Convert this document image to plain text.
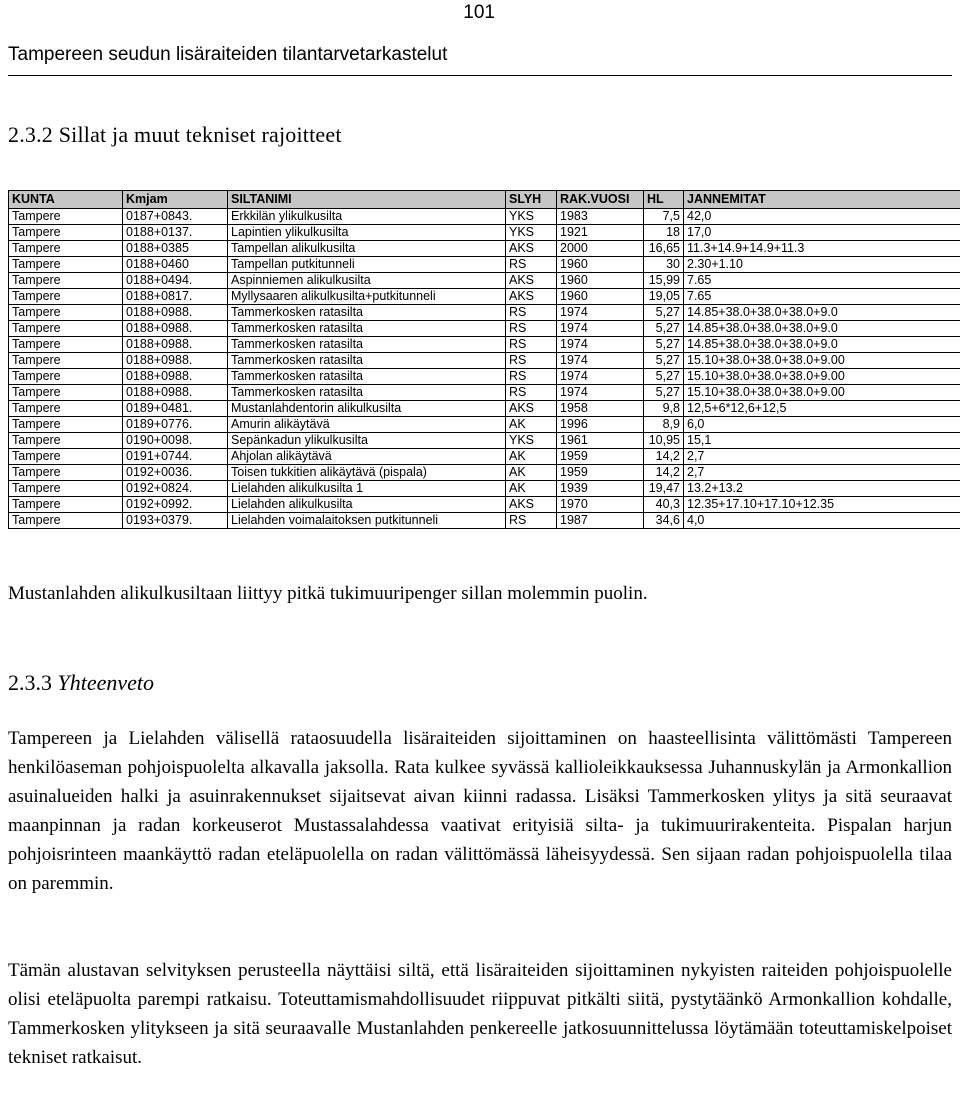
101
Tampereen seudun lisäraiteiden tilantarvetarkastelut
2.3.2 Sillat ja muut tekniset rajoitteet
KUNTA	Kmjam	SILTANIMI	SLYH	RAK.VUOSI	HL	JANNEMITAT
Tampere	0187+0843.	Erkkilän ylikulkusilta	YKS	1983	7,5	42,0
Tampere	0188+0137.	Lapintien ylikulkusilta	YKS	1921	18	17,0
Tampere	0188+0385	Tampellan alikulkusilta	AKS	2000	16,65	11.3+14.9+14.9+11.3
Tampere	0188+0460	Tampellan putkitunneli	RS	1960	30	2.30+1.10
Tampere	0188+0494.	Aspinniemen alikulkusilta	AKS	1960	15,99	7.65
Tampere	0188+0817.	Myllysaaren alikulkusilta+putkitunneli	AKS	1960	19,05	7.65
Tampere	0188+0988.	Tammerkosken ratasilta	RS	1974	5,27	14.85+38.0+38.0+38.0+9.0
Tampere	0188+0988.	Tammerkosken ratasilta	RS	1974	5,27	14.85+38.0+38.0+38.0+9.0
Tampere	0188+0988.	Tammerkosken ratasilta	RS	1974	5,27	14.85+38.0+38.0+38.0+9.0
Tampere	0188+0988.	Tammerkosken ratasilta	RS	1974	5,27	15.10+38.0+38.0+38.0+9.00
Tampere	0188+0988.	Tammerkosken ratasilta	RS	1974	5,27	15.10+38.0+38.0+38.0+9.00
Tampere	0188+0988.	Tammerkosken ratasilta	RS	1974	5,27	15.10+38.0+38.0+38.0+9.00
Tampere	0189+0481.	Mustanlahdentorin alikulkusilta	AKS	1958	9,8	12,5+6*12,6+12,5
Tampere	0189+0776.	Amurin alikäytävä	AK	1996	8,9	6,0
Tampere	0190+0098.	Sepänkadun ylikulkusilta	YKS	1961	10,95	15,1
Tampere	0191+0744.	Ahjolan alikäytävä	AK	1959	14,2	2,7
Tampere	0192+0036.	Toisen tukkitien alikäytävä (pispala)	AK	1959	14,2	2,7
Tampere	0192+0824.	Lielahden alikulkusilta 1	AK	1939	19,47	13.2+13.2
Tampere	0192+0992.	Lielahden alikulkusilta	AKS	1970	40,3	12.35+17.10+17.10+12.35
Tampere	0193+0379.	Lielahden voimalaitoksen putkitunneli	RS	1987	34,6	4,0
Mustanlahden alikulkusiltaan liittyy pitkä tukimuuripenger sillan molemmin puolin.
2.3.3 Yhteenveto

Tampereen ja Lielahden välisellä rataosuudella lisäraiteiden sijoittaminen on haasteellisinta välittömästi Tampereen henkilöaseman pohjoispuolelta alkavalla jaksolla. Rata kulkee syvässä kallioleikkauksessa Juhannuskylän ja Armonkallion asuinalueiden halki ja asuinrakennukset sijaitsevat aivan kiinni radassa. Lisäksi Tammerkosken ylitys ja sitä seuraavat maanpinnan ja radan korkeuserot Mustassalahdessa vaativat erityisiä silta- ja tukimuurirakenteita. Pispalan harjun pohjoisrinteen maankäyttö radan eteläpuolella on radan välittömässä läheisyydessä. Sen sijaan radan pohjoispuolella tilaa on paremmin.

Tämän alustavan selvityksen perusteella näyttäisi siltä, että lisäraiteiden sijoittaminen nykyisten raiteiden pohjoispuolelle olisi eteläpuolta parempi ratkaisu. Toteuttamismahdollisuudet riippuvat pitkälti siitä, pystytäänkö Armonkallion kohdalle, Tammerkosken ylitykseen ja sitä seuraavalle Mustanlahden penkereelle jatkosuunnittelussa löytämään toteuttamiskelpoiset tekniset ratkaisut.
